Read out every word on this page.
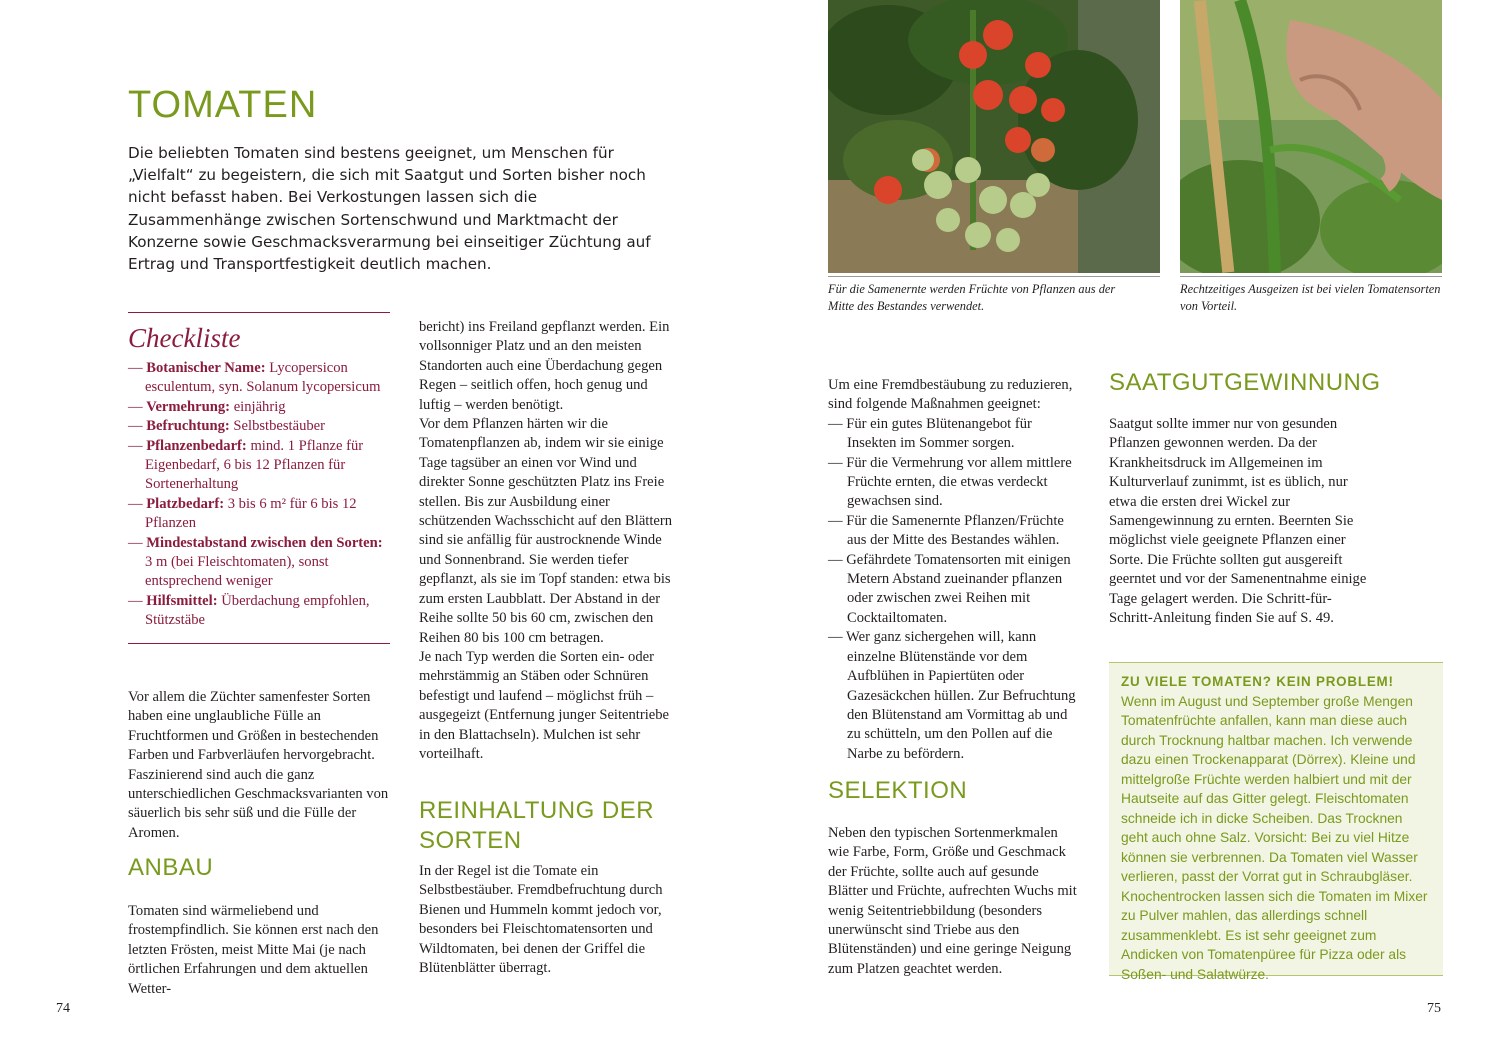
TOMATEN
Die beliebten Tomaten sind bestens geeignet, um Menschen für „Vielfalt“ zu begeistern, die sich mit Saatgut und Sorten bisher noch nicht befasst haben. Bei Verkostungen lassen sich die Zusammenhänge zwischen Sortenschwund und Marktmacht der Konzerne sowie Geschmacksverarmung bei einseitiger Züchtung auf Ertrag und Transportfestigkeit deutlich machen.
Checkliste
— Botanischer Name: Lycopersicon esculentum, syn. Solanum lycopersicum
— Vermehrung: einjährig
— Befruchtung: Selbstbestäuber
— Pflanzenbedarf: mind. 1 Pflanze für Eigenbedarf, 6 bis 12 Pflanzen für Sortenerhaltung
— Platzbedarf: 3 bis 6 m² für 6 bis 12 Pflanzen
— Mindestabstand zwischen den Sorten: 3 m (bei Fleischtomaten), sonst entsprechend weniger
— Hilfsmittel: Überdachung empfohlen, Stützstäbe
Vor allem die Züchter samenfester Sorten haben eine unglaubliche Fülle an Fruchtformen und Größen in bestechenden Farben und Farbverläufen hervorgebracht. Faszinierend sind auch die ganz unterschiedlichen Geschmacksvarianten von säuerlich bis sehr süß und die Fülle der Aromen.
ANBAU
Tomaten sind wärmeliebend und frostempfindlich. Sie können erst nach den letzten Frösten, meist Mitte Mai (je nach örtlichen Erfahrungen und dem aktuellen Wetter-

bericht) ins Freiland gepflanzt werden. Ein vollsonniger Platz und an den meisten Standorten auch eine Überdachung gegen Regen – seitlich offen, hoch genug und luftig – werden benötigt.

Vor dem Pflanzen härten wir die Tomatenpflanzen ab, indem wir sie einige Tage tagsüber an einen vor Wind und direkter Sonne geschützten Platz ins Freie stellen. Bis zur Ausbildung einer schützenden Wachsschicht auf den Blättern sind sie anfällig für austrocknende Winde und Sonnenbrand. Sie werden tiefer gepflanzt, als sie im Topf standen: etwa bis zum ersten Laubblatt. Der Abstand in der Reihe sollte 50 bis 60 cm, zwischen den Reihen 80 bis 100 cm betragen.

Je nach Typ werden die Sorten ein- oder mehrstämmig an Stäben oder Schnüren befestigt und laufend – möglichst früh – ausgegeizt (Entfernung junger Seitentriebe in den Blattachseln). Mulchen ist sehr vorteilhaft.

REINHALTUNG DER SORTEN
In der Regel ist die Tomate ein Selbstbestäuber. Fremdbefruchtung durch Bienen und Hummeln kommt jedoch vor, besonders bei Fleischtomatensorten und Wildtomaten, bei denen der Griffel die Blütenblätter überragt.
74
Für die Samenernte werden Früchte von Pflanzen aus der Mitte des Bestandes verwendet.
Rechtzeitiges Ausgeizen ist bei vielen Tomatensorten von Vorteil.

Um eine Fremdbestäubung zu reduzieren, sind folgende Maßnahmen geeignet:

— Für ein gutes Blütenangebot für Insekten im Sommer sorgen.

— Für die Vermehrung vor allem mittlere Früchte ernten, die etwas verdeckt gewachsen sind.

— Für die Samenernte Pflanzen/Früchte aus der Mitte des Bestandes wählen.

— Gefährdete Tomatensorten mit einigen Metern Abstand zueinander pflanzen oder zwischen zwei Reihen mit Cocktailtomaten.

— Wer ganz sichergehen will, kann einzelne Blütenstände vor dem Aufblühen in Papiertüten oder Gazesäckchen hüllen. Zur Befruchtung den Blütenstand am Vormittag ab und zu schütteln, um den Pollen auf die Narbe zu befördern.

SELEKTION
Neben den typischen Sortenmerkmalen wie Farbe, Form, Größe und Geschmack der Früchte, sollte auch auf gesunde Blätter und Früchte, aufrechten Wuchs mit wenig Seitentriebbildung (besonders unerwünscht sind Triebe aus den Blütenständen) und eine geringe Neigung zum Platzen geachtet werden.
SAATGUTGEWINNUNG
Saatgut sollte immer nur von gesunden Pflanzen gewonnen werden. Da der Krankheitsdruck im Allgemeinen im Kulturverlauf zunimmt, ist es üblich, nur etwa die ersten drei Wickel zur Samengewinnung zu ernten. Beernten Sie möglichst viele geeignete Pflanzen einer Sorte. Die Früchte sollten gut ausgereift geerntet und vor der Samenentnahme einige Tage gelagert werden. Die Schritt-für-Schritt-Anleitung finden Sie auf S. 49.
ZU VIELE TOMATEN? KEIN PROBLEM!
Wenn im August und September große Mengen Tomatenfrüchte anfallen, kann man diese auch durch Trocknung haltbar machen. Ich verwende dazu einen Trockenapparat (Dörrex). Kleine und mittelgroße Früchte werden halbiert und mit der Hautseite auf das Gitter gelegt. Fleischtomaten schneide ich in dicke Scheiben. Das Trocknen geht auch ohne Salz. Vorsicht: Bei zu viel Hitze können sie verbrennen. Da Tomaten viel Wasser verlieren, passt der Vorrat gut in Schraubgläser. Knochentrocken lassen sich die Tomaten im Mixer zu Pulver mahlen, das allerdings schnell zusammenklebt. Es ist sehr geeignet zum Andicken von Tomatenpüree für Pizza oder als Soßen- und Salatwürze.
75
